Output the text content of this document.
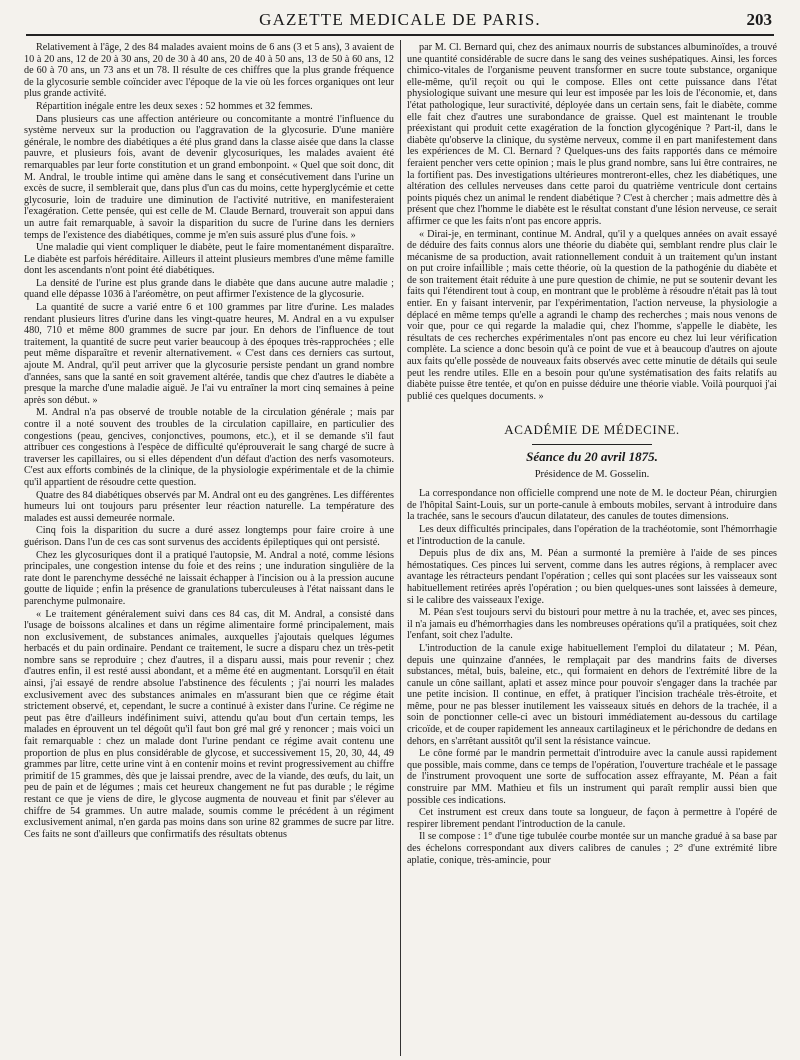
GAZETTE MEDICALE DE PARIS.	203

Relativement à l'âge, 2 des 84 malades avaient moins de 6 ans (3 et 5 ans), 3 avaient de 10 à 20 ans, 12 de 20 à 30 ans, 20 de 30 à 40 ans, 20 de 40 à 50 ans, 13 de 50 à 60 ans, 12 de 60 à 70 ans, un 73 ans et un 78. Il résulte de ces chiffres que la plus grande fréquence de la glycosurie semble coïncider avec l'époque de la vie où les forces organiques ont leur plus grande activité.

Répartition inégale entre les deux sexes : 52 hommes et 32 femmes.

Dans plusieurs cas une affection antérieure ou concomitante a montré l'influence du système nerveux sur la production ou l'aggravation de la glycosurie. D'une manière générale, le nombre des diabétiques a été plus grand dans la classe aisée que dans la classe pauvre, et plusieurs fois, avant de devenir glycosuriques, les malades avaient été remarquables par leur forte constitution et un grand embonpoint. « Quel que soit donc, dit M. Andral, le trouble intime qui amène dans le sang et consécutivement dans l'urine un excès de sucre, il semblerait que, dans plus d'un cas du moins, cette hyperglycémie et cette glycosurie, loin de traduire une diminution de l'activité nutritive, en manifesteraient l'exagération. Cette pensée, qui est celle de M. Claude Bernard, trouverait son appui dans un autre fait remarquable, à savoir la disparition du sucre de l'urine dans les derniers temps de l'existence des diabétiques, comme je m'en suis assuré plus d'une fois. »

Une maladie qui vient compliquer le diabète, peut le faire momentanément disparaître. Le diabète est parfois héréditaire. Ailleurs il atteint plusieurs membres d'une même famille dont les ascendants n'ont point été diabétiques.

La densité de l'urine est plus grande dans le diabète que dans aucune autre maladie ; quand elle dépasse 1036 à l'aréomètre, on peut affirmer l'existence de la glycosurie.

La quantité de sucre a varié entre 6 et 100 grammes par litre d'urine. Les malades rendant plusieurs litres d'urine dans les vingt-quatre heures, M. Andral en a vu expulser 480, 710 et même 800 grammes de sucre par jour. En dehors de l'influence de tout traitement, la quantité de sucre peut varier beaucoup à des époques très-rapprochées ; elle peut même disparaître et revenir alternativement. « C'est dans ces derniers cas surtout, ajoute M. Andral, qu'il peut arriver que la glycosurie persiste pendant un grand nombre d'années, sans que la santé en soit gravement altérée, tandis que chez d'autres le diabète a presque la marche d'une maladie aiguë. Je l'ai vu entraîner la mort cinq semaines à peine après son début. »

M. Andral n'a pas observé de trouble notable de la circulation générale ; mais par contre il a noté souvent des troubles de la circulation capillaire, en particulier des congestions (peau, gencives, conjonctives, poumons, etc.), et il se demande s'il faut attribuer ces congestions à l'espèce de difficulté qu'éprouverait le sang chargé de sucre à traverser les capillaires, ou si elles dépendent d'un défaut d'action des nerfs vasomoteurs. C'est aux efforts combinés de la clinique, de la physiologie expérimentale et de la chimie qu'il appartient de résoudre cette question.

Quatre des 84 diabétiques observés par M. Andral ont eu des gangrènes. Les différentes humeurs lui ont toujours paru présenter leur réaction naturelle. La température des malades est aussi demeurée normale.

Cinq fois la disparition du sucre a duré assez longtemps pour faire croire à une guérison. Dans l'un de ces cas sont survenus des accidents épileptiques qui ont persisté.

Chez les glycosuriques dont il a pratiqué l'autopsie, M. Andral a noté, comme lésions principales, une congestion intense du foie et des reins ; une induration singulière de la rate dont le parenchyme desséché ne laissait échapper à l'incision ou à la pression aucune goutte de liquide ; enfin la présence de granulations tuberculeuses à l'état naissant dans le parenchyme pulmonaire.

« Le traitement généralement suivi dans ces 84 cas, dit M. Andral, a consisté dans l'usage de boissons alcalines et dans un régime alimentaire formé principalement, mais non exclusivement, de substances animales, auxquelles j'ajoutais quelques légumes herbacés et du pain ordinaire. Pendant ce traitement, le sucre a disparu chez un très-petit nombre sans se reproduire ; chez d'autres, il a disparu aussi, mais pour revenir ; chez d'autres enfin, il est resté aussi abondant, et a même été en augmentant. Lorsqu'il en était ainsi, j'ai essayé de rendre absolue l'abstinence des féculents ; j'ai nourri les malades exclusivement avec des substances animales en m'assurant bien que ce régime était strictement observé, et, cependant, le sucre a continué à exister dans l'urine. Ce régime ne peut pas être d'ailleurs indéfiniment suivi, attendu qu'au bout d'un certain temps, les malades en éprouvent un tel dégoût qu'il faut bon gré mal gré y renoncer ; mais voici un fait remarquable : chez un malade dont l'urine pendant ce régime avait contenu une proportion de plus en plus considérable de glycose, et successivement 15, 20, 30, 44, 49 grammes par litre, cette urine vint à en contenir moins et revint progressivement au chiffre primitif de 15 grammes, dès que je laissai prendre, avec de la viande, des œufs, du lait, un peu de pain et de légumes ; mais cet heureux changement ne fut pas durable ; le régime restant ce que je viens de dire, le glycose augmenta de nouveau et finit par s'élever au chiffre de 54 grammes. Un autre malade, soumis comme le précédent à un régiment exclusivement animal, n'en garda pas moins dans son urine 82 grammes de sucre par litre. Ces faits ne sont d'ailleurs que confirmatifs des résultats obtenus

par M. Cl. Bernard qui, chez des animaux nourris de substances albuminoïdes, a trouvé une quantité considérable de sucre dans le sang des veines sushépatiques. Ainsi, les forces chimico-vitales de l'organisme peuvent transformer en sucre toute substance, organique elle-même, qu'il reçoit ou qui le compose. Elles ont cette puissance dans l'état physiologique suivant une mesure qui leur est imposée par les lois de l'économie, et, dans l'état pathologique, leur suractivité, déployée dans un certain sens, fait le diabète, comme elle fait chez d'autres une surabondance de graisse. Quel est maintenant le trouble préexistant qui produit cette exagération de la fonction glycogénique ? Part-il, dans le diabète qu'observe la clinique, du système nerveux, comme il en part manifestement dans les expériences de M. Cl. Bernard ? Quelques-uns des faits rapportés dans ce mémoire feraient pencher vers cette opinion ; mais le plus grand nombre, sans lui être contraires, ne la fortifient pas. Des investigations ultérieures montreront-elles, chez les diabétiques, une altération des cellules nerveuses dans cette paroi du quatrième ventricule dont certains points piqués chez un animal le rendent diabétique ? C'est à chercher ; mais admettre dès à présent que chez l'homme le diabète est le résultat constant d'une lésion nerveuse, ce serait affirmer ce que les faits n'ont pas encore appris.

« Dirai-je, en terminant, continue M. Andral, qu'il y a quelques années on avait essayé de déduire des faits connus alors une théorie du diabète qui, semblant rendre plus clair le mécanisme de sa production, avait rationnellement conduit à un traitement qu'un instant on put croire infaillible ; mais cette théorie, où la question de la pathogénie du diabète et de son traitement était réduite à une pure question de chimie, ne put se soutenir devant les faits qui l'étendirent tout à coup, en montrant que le problème à résoudre n'était pas là tout entier. En y faisant intervenir, par l'expérimentation, l'action nerveuse, la physiologie a déplacé en même temps qu'elle a agrandi le champ des recherches ; mais nous venons de voir que, pour ce qui regarde la maladie qui, chez l'homme, s'appelle le diabète, les résultats de ces recherches expérimentales n'ont pas encore eu chez lui leur vérification complète. La science a donc besoin qu'à ce point de vue et à beaucoup d'autres on ajoute aux faits qu'elle possède de nouveaux faits observés avec cette minutie de détails qui seule peut les rendre utiles. Elle en a besoin pour qu'une systématisation des faits relatifs au diabète puisse être tentée, et qu'on en puisse déduire une théorie viable. Voilà pourquoi j'ai publié ces quelques documents. »

ACADÉMIE DE MÉDECINE.
Séance du 20 avril 1875.
Présidence de M. Gosselin.

La correspondance non officielle comprend une note de M. le docteur Péan, chirurgien de l'hôpital Saint-Louis, sur un porte-canule à embouts mobiles, servant à introduire dans la trachée, sans le secours d'aucun dilatateur, des canules de toutes dimensions.

Les deux difficultés principales, dans l'opération de la trachéotomie, sont l'hémorrhagie et l'introduction de la canule.

Depuis plus de dix ans, M. Péan a surmonté la première à l'aide de ses pinces hémostatiques. Ces pinces lui servent, comme dans les autres régions, à remplacer avec avantage les rétracteurs pendant l'opération ; celles qui sont placées sur les vaisseaux sont habituellement retirées après l'opération ; ou bien quelques-unes sont laissées à demeure, si le calibre des vaisseaux l'exige.

M. Péan s'est toujours servi du bistouri pour mettre à nu la trachée, et, avec ses pinces, il n'a jamais eu d'hémorrhagies dans les nombreuses opérations qu'il a pratiquées, soit chez l'enfant, soit chez l'adulte.

L'introduction de la canule exige habituellement l'emploi du dilatateur ; M. Péan, depuis une quinzaine d'années, le remplaçait par des mandrins faits de diverses substances, métal, buis, baleine, etc., qui formaient en dehors de l'extrémité libre de la canule un cône saillant, aplati et assez mince pour pouvoir s'engager dans la trachée par une petite incision. Il continue, en effet, à pratiquer l'incision trachéale très-étroite, et même, pour ne pas blesser inutilement les vaisseaux situés en dehors de la trachée, il a soin de ponctionner celle-ci avec un bistouri immédiatement au-dessous du cartilage cricoïde, et de couper rapidement les anneaux cartilagineux et le périchondre de dedans en dehors, en s'arrêtant aussitôt qu'il sent la résistance vaincue.

Le cône formé par le mandrin permettait d'introduire avec la canule aussi rapidement que possible, mais comme, dans ce temps de l'opération, l'ouverture trachéale et le passage de l'instrument provoquent une sorte de suffocation assez effrayante, M. Péan a fait construire par MM. Mathieu et fils un instrument qui paraît remplir aussi bien que possible ces indications.

Cet instrument est creux dans toute sa longueur, de façon à permettre à l'opéré de respirer librement pendant l'introduction de la canule.

Il se compose : 1° d'une tige tubulée courbe montée sur un manche gradué à sa base par des échelons correspondant aux divers calibres de canules ; 2° d'une extrémité libre aplatie, conique, très-amincie, pour
